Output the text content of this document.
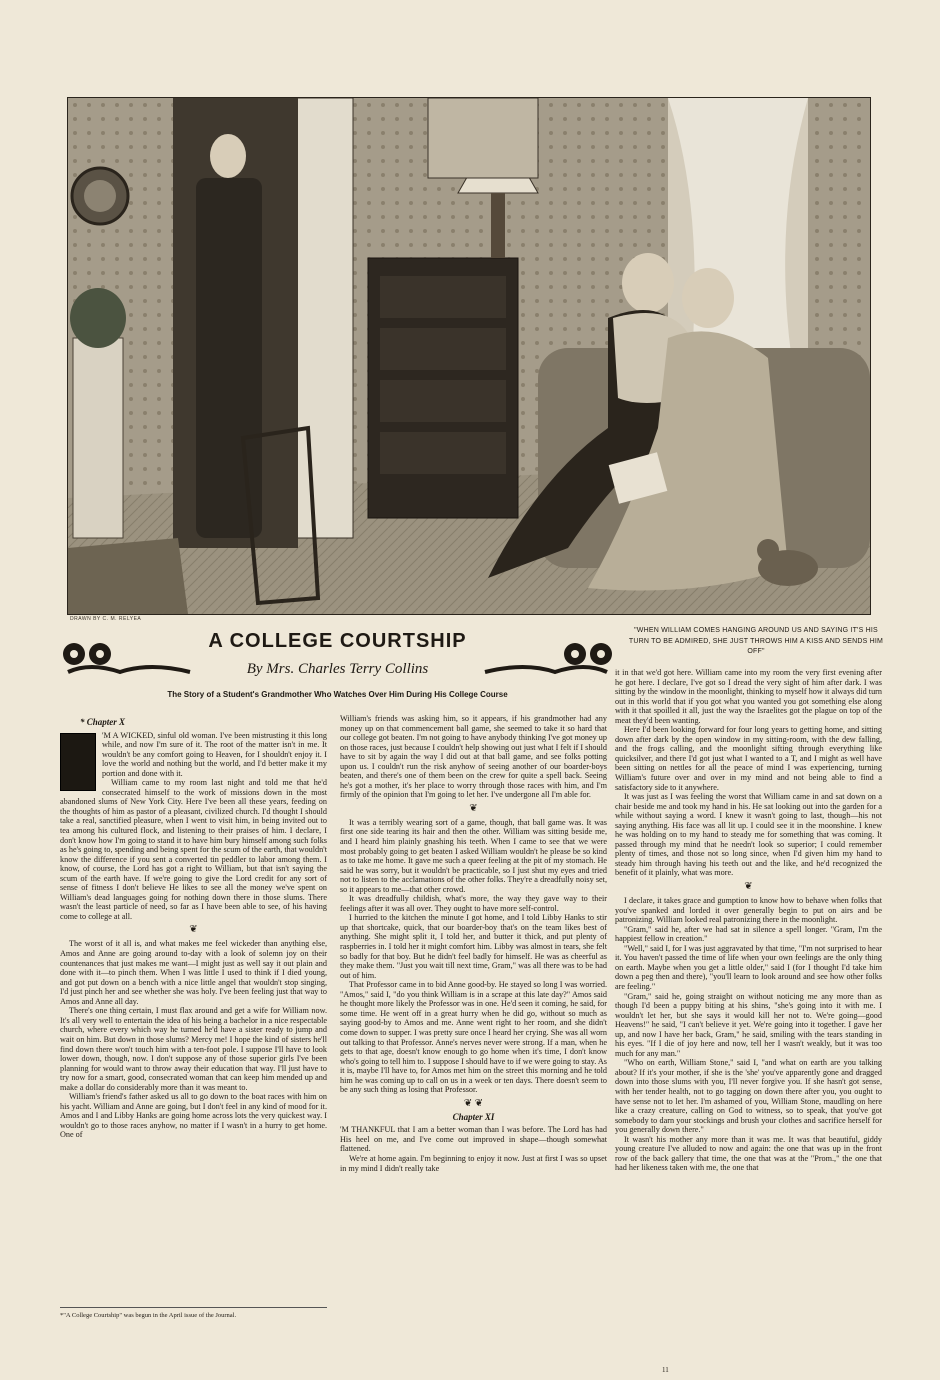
DRAWN BY C. M. RELYEA
A COLLEGE COURTSHIP
By Mrs. Charles Terry Collins
"WHEN WILLIAM COMES HANGING AROUND US AND SAYING IT'S HIS TURN TO BE ADMIRED, SHE JUST THROWS HIM A KISS AND SENDS HIM OFF"
The Story of a Student's Grandmother Who Watches Over Him During His College Course
* Chapter X

'M A WICKED, sinful old woman. I've been mistrusting it this long while, and now I'm sure of it. The root of the matter isn't in me. It wouldn't be any comfort going to Heaven, for I shouldn't enjoy it. I love the world and nothing but the world, and I'd better make it my portion and done with it.

William came to my room last night and told me that he'd consecrated himself to the work of missions down in the most abandoned slums of New York City. Here I've been all these years, feeding on the thoughts of him as pastor of a pleasant, civilized church. I'd thought I should take a real, sanctified pleasure, when I went to visit him, in being invited out to tea among his cultured flock, and listening to their praises of him. I declare, I don't know how I'm going to stand it to have him bury himself among such folks as he's going to, spending and being spent for the scum of the earth, that wouldn't know the difference if you sent a converted tin peddler to labor among them. I know, of course, the Lord has got a right to William, but that isn't saying the scum of the earth have. If we're going to give the Lord credit for any sort of sense of fitness I don't believe He likes to see all the money we've spent on William's dead languages going for nothing down there in those slums. There wasn't the least particle of need, so far as I have been able to see, of his having come to college at all.

❦

The worst of it all is, and what makes me feel wickeder than anything else, Amos and Anne are going around to-day with a look of solemn joy on their countenances that just makes me want—I might just as well say it out plain and done with it—to pinch them. When I was little I used to think if I died young, and got put down on a bench with a nice little angel that wouldn't stop singing, I'd just pinch her and see whether she was holy. I've been feeling just that way to Amos and Anne all day.

There's one thing certain, I must flax around and get a wife for William now. It's all very well to entertain the idea of his being a bachelor in a nice respectable church, where every which way he turned he'd have a sister ready to jump and wait on him. But down in those slums? Mercy me! I hope the kind of sisters he'll find down there won't touch him with a ten-foot pole. I suppose I'll have to look lower down, though, now. I don't suppose any of those superior girls I've been planning for would want to throw away their education that way. I'll just have to try now for a smart, good, consecrated woman that can keep him mended up and make a dollar do considerably more than it was meant to.

William's friend's father asked us all to go down to the boat races with him on his yacht. William and Anne are going, but I don't feel in any kind of mood for it. Amos and I and Libby Hanks are going home across lots the very quickest way. I wouldn't go to those races anyhow, no matter if I wasn't in a hurry to get home. One of

William's friends was asking him, so it appears, if his grandmother had any money up on that commencement ball game, she seemed to take it so hard that our college got beaten. I'm not going to have anybody thinking I've got money up on those races, just because I couldn't help showing out just what I felt if I should have to sit by again the way I did out at that ball game, and see folks potting upon us. I couldn't run the risk anyhow of seeing another of our boarder-boys beaten, and there's one of them been on the crew for quite a spell back. Seeing he's got a mother, it's her place to worry through those races with him, and I'm firmly of the opinion that I'm going to let her. I've undergone all I'm able for.

❦

It was a terribly wearing sort of a game, though, that ball game was. It was first one side tearing its hair and then the other. William was sitting beside me, and I heard him plainly gnashing his teeth. When I came to see that we were most probably going to get beaten I asked William wouldn't he please be so kind as to take me home. It gave me such a queer feeling at the pit of my stomach. He said he was sorry, but it wouldn't be practicable, so I just shut my eyes and tried not to listen to the acclamations of the other folks. They're a dreadfully noisy set, so it appears to me—that other crowd.

It was dreadfully childish, what's more, the way they gave way to their feelings after it was all over. They ought to have more self-control.

I hurried to the kitchen the minute I got home, and I told Libby Hanks to stir up that shortcake, quick, that our boarder-boy that's on the team likes best of anything. She might split it, I told her, and butter it thick, and put plenty of raspberries in. I told her it might comfort him. Libby was almost in tears, she felt so badly for that boy. But he didn't feel badly for himself. He was as cheerful as they make them. "Just you wait till next time, Gram," was all there was to be had out of him.

That Professor came in to bid Anne good-by. He stayed so long I was worried. "Amos," said I, "do you think William is in a scrape at this late day?" Amos said he thought more likely the Professor was in one. He'd seen it coming, he said, for some time. He went off in a great hurry when he did go, without so much as saying good-by to Amos and me. Anne went right to her room, and she didn't come down to supper. I was pretty sure once I heard her crying. She was all worn out talking to that Professor. Anne's nerves never were strong. If a man, when he gets to that age, doesn't know enough to go home when it's time, I don't know who's going to tell him to. I suppose I should have to if we were going to stay. As it is, maybe I'll have to, for Amos met him on the street this morning and he told him he was coming up to call on us in a week or ten days. There doesn't seem to be any such thing as losing that Professor.

❦ ❦
Chapter XI

'M THANKFUL that I am a better woman than I was before. The Lord has had His heel on me, and I've come out improved in shape—though somewhat flattened.

We're at home again. I'm beginning to enjoy it now. Just at first I was so upset in my mind I didn't really take

it in that we'd got here. William came into my room the very first evening after he got here. I declare, I've got so I dread the very sight of him after dark. I was sitting by the window in the moonlight, thinking to myself how it always did turn out in this world that if you got what you wanted you got something else along with it that spoilled it all, just the way the Israelites got the plague on top of the meat they'd been wanting.

Here I'd been looking forward for four long years to getting home, and sitting down after dark by the open window in my sitting-room, with the dew falling, and the frogs calling, and the moonlight sifting through everything like quicksilver, and there I'd got just what I wanted to a T, and I might as well have been sitting on nettles for all the peace of mind I was experiencing, turning William's future over and over in my mind and not being able to find a satisfactory side to it anywhere.

It was just as I was feeling the worst that William came in and sat down on a chair beside me and took my hand in his. He sat looking out into the garden for a while without saying a word. I knew it wasn't going to last, though—his not saying anything. His face was all lit up. I could see it in the moonshine. I knew he was holding on to my hand to steady me for something that was coming. It passed through my mind that he needn't look so superior; I could remember plenty of times, and those not so long since, when I'd given him my hand to steady him through having his teeth out and the like, and he'd recognized the benefit of it plainly, what was more.

❦

I declare, it takes grace and gumption to know how to behave when folks that you've spanked and lorded it over generally begin to put on airs and be patronizing. William looked real patronizing there in the moonlight.

"Gram," said he, after we had sat in silence a spell longer. "Gram, I'm the happiest fellow in creation."

"Well," said I, for I was just aggravated by that time, "I'm not surprised to hear it. You haven't passed the time of life when your own feelings are the only thing on earth. Maybe when you get a little older," said I (for I thought I'd take him down a peg then and there), "you'll learn to look around and see how other folks are feeling."

"Gram," said he, going straight on without noticing me any more than as though I'd been a puppy biting at his shins, "she's going into it with me. I wouldn't let her, but she says it would kill her not to. We're going—good Heavens!" he said, "I can't believe it yet. We're going into it together. I gave her up, and now I have her back, Gram," he said, smiling with the tears standing in his eyes. "If I die of joy here and now, tell her I wasn't weakly, but it was too much for any man."

"Who on earth, William Stone," said I, "and what on earth are you talking about? If it's your mother, if she is the 'she' you've apparently gone and dragged down into those slums with you, I'll never forgive you. If she hasn't got sense, with her tender health, not to go tagging on down there after you, you ought to have sense not to let her. I'm ashamed of you, William Stone, maudling on here like a crazy creature, calling on God to witness, so to speak, that you've got somebody to darn your stockings and brush your clothes and sacrifice herself for you generally down there."

It wasn't his mother any more than it was me. It was that beautiful, giddy young creature I've alluded to now and again: the one that was up in the front row of the back gallery that time, the one that was at the "Prom.," the one that had her likeness taken with me, the one that

*"A College Courtship" was begun in the April issue of the Journal.
11
